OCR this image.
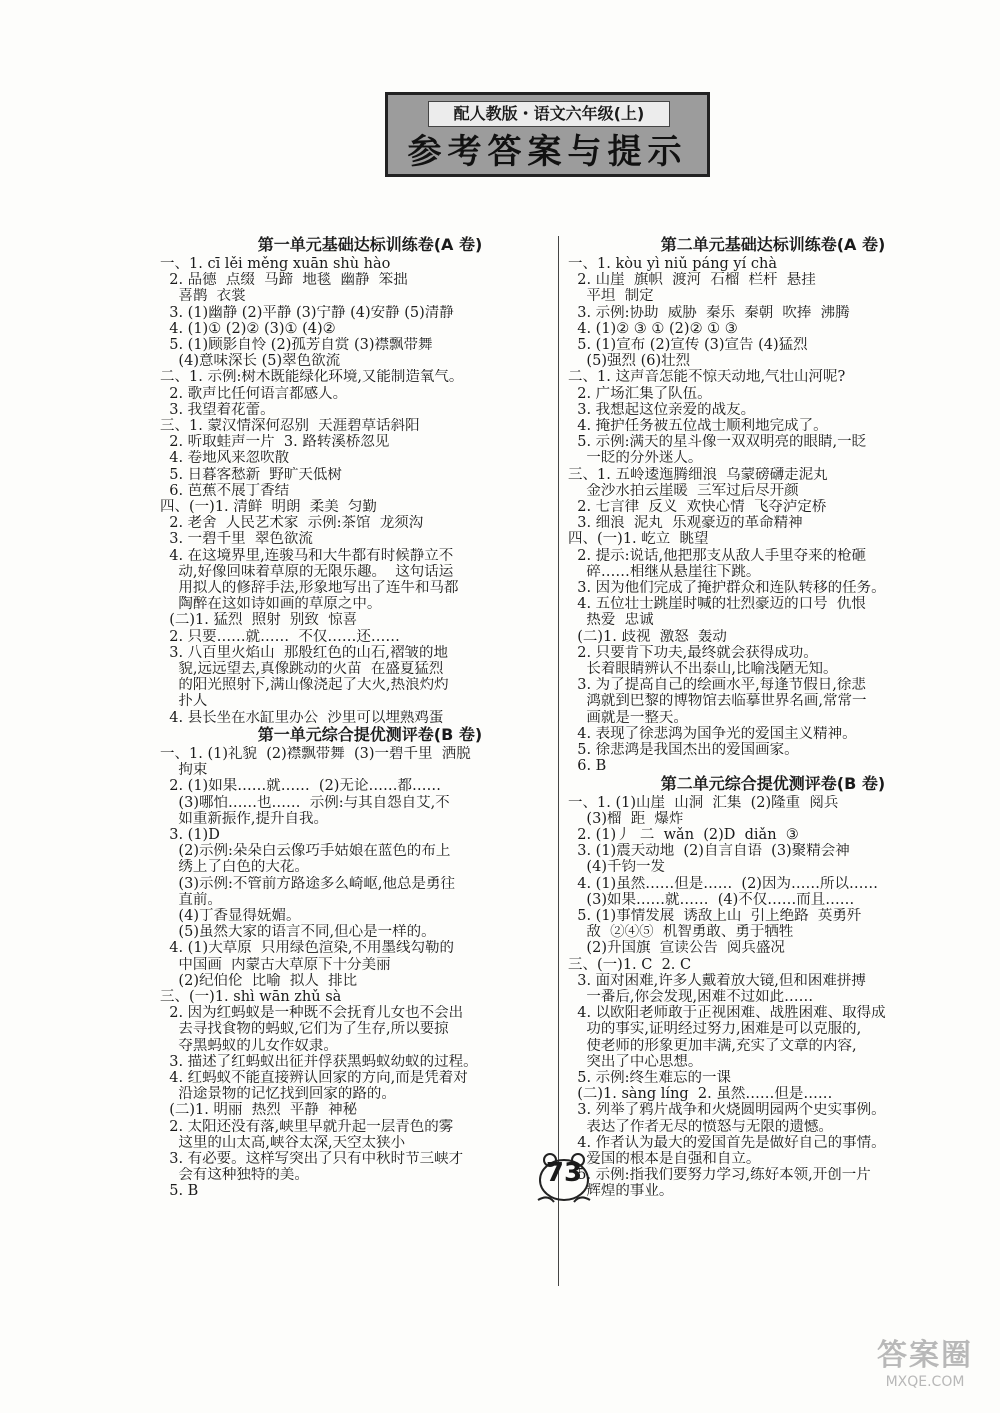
配人教版・语文六年级(上)
参考答案与提示
第一单元基础达标训练卷(A 卷)
一、1. cī lěi měng xuān shù hào
2. 品德  点缀  马蹄  地毯  幽静  笨拙
喜鹊  衣裳
3. (1)幽静 (2)平静 (3)宁静 (4)安静 (5)清静
4. (1)① (2)② (3)① (4)②
5. (1)顾影自怜 (2)孤芳自赏 (3)襟飘带舞
(4)意味深长 (5)翠色欲流
二、1. 示例:树木既能绿化环境,又能制造氧气。
2. 歌声比任何语言都感人。
3. 我望着花蕾。
三、1. 蒙汉情深何忍别  天涯碧草话斜阳
2. 听取蛙声一片  3. 路转溪桥忽见
4. 卷地风来忽吹散
5. 日暮客愁新  野旷天低树
6. 芭蕉不展丁香结
四、(一)1. 清鲜  明朗  柔美  匀勤
2. 老舍  人民艺术家  示例:茶馆  龙须沟
3. 一碧千里  翠色欲流
4. 在这境界里,连骏马和大牛都有时候静立不
动,好像回味着草原的无限乐趣。  这句话运
用拟人的修辞手法,形象地写出了连牛和马都
陶醉在这如诗如画的草原之中。
(二)1. 猛烈  照射  别致  惊喜
2. 只要……就……  不仅……还……
3. 八百里火焰山  那般红色的山石,褶皱的地
貌,远远望去,真像跳动的火苗  在盛夏猛烈
的阳光照射下,满山像浇起了大火,热浪灼灼
扑人
4. 县长坐在水缸里办公  沙里可以埋熟鸡蛋
第一单元综合提优测评卷(B 卷)
一、1. (1)礼貌  (2)襟飘带舞  (3)一碧千里  洒脱
拘束
2. (1)如果……就……  (2)无论……都……
(3)哪怕……也……  示例:与其自怨自艾,不
如重新振作,提升自我。
3. (1)D
(2)示例:朵朵白云像巧手姑娘在蓝色的布上
绣上了白色的大花。
(3)示例:不管前方路途多么崎岖,他总是勇往
直前。
(4)丁香显得妩媚。
(5)虽然大家的语言不同,但心是一样的。
4. (1)大草原  只用绿色渲染,不用墨线勾勒的
中国画  内蒙古大草原下十分美丽
(2)纪伯伦  比喻  拟人  排比
三、(一)1. shì wān zhǔ sà
2. 因为红蚂蚁是一种既不会抚育儿女也不会出
去寻找食物的蚂蚁,它们为了生存,所以要掠
夺黑蚂蚁的儿女作奴隶。
3. 描述了红蚂蚁出征并俘获黑蚂蚁幼蚁的过程。
4. 红蚂蚁不能直接辨认回家的方向,而是凭着对
沿途景物的记忆找到回家的路的。
(二)1. 明丽  热烈  平静  神秘
2. 太阳还没有落,峡里早就升起一层青色的雾
这里的山太高,峡谷太深,天空太狭小
3. 有必要。这样写突出了只有中秋时节三峡才
会有这种独特的美。
5. B
第二单元基础达标训练卷(A 卷)
一、1. kòu yì niǔ páng yí chà
2. 山崖  旗帜  渡河  石榴  栏杆  悬挂
平坦  制定
3. 示例:协助  威胁  秦乐  秦朝  吹捧  沸腾
4. (1)② ③ ① (2)② ① ③
5. (1)宣布 (2)宣传 (3)宣告 (4)猛烈
(5)强烈 (6)壮烈
二、1. 这声音怎能不惊天动地,气壮山河呢?
2. 广场汇集了队伍。
3. 我想起这位亲爱的战友。
4. 掩护任务被五位战士顺利地完成了。
5. 示例:满天的星斗像一双双明亮的眼睛,一眨
一眨的分外迷人。
三、1. 五岭逶迤腾细浪  乌蒙磅礴走泥丸
金沙水拍云崖暖  三军过后尽开颜
2. 七言律  反义  欢快心情  飞夺泸定桥
3. 细浪  泥丸  乐观豪迈的革命精神
四、(一)1. 屹立  眺望
2. 提示:说话,他把那支从敌人手里夺来的枪砸
碎……相继从悬崖往下跳。
3. 因为他们完成了掩护群众和连队转移的任务。
4. 五位壮士跳崖时喊的壮烈豪迈的口号  仇恨
热爱  忠诚
(二)1. 歧视  激怒  轰动
2. 只要肯下功夫,最终就会获得成功。
长着眼睛辨认不出泰山,比喻浅陋无知。
3. 为了提高自己的绘画水平,每逢节假日,徐悲
鸿就到巴黎的博物馆去临摹世界名画,常常一
画就是一整天。
4. 表现了徐悲鸿为国争光的爱国主义精神。
5. 徐悲鸿是我国杰出的爱国画家。
6. B
第二单元综合提优测评卷(B 卷)
一、1. (1)山崖  山洞  汇集  (2)隆重  阅兵
(3)榴  距  爆炸
2. (1)丿  二  wǎn  (2)D  diǎn  ③
3. (1)震天动地  (2)自言自语  (3)聚精会神
(4)千钧一发
4. (1)虽然……但是……  (2)因为……所以……
(3)如果……就……  (4)不仅……而且……
5. (1)事情发展  诱敌上山  引上绝路  英勇歼
敌  ②④⑤  机智勇敢、勇于牺牲
(2)升国旗  宣读公告  阅兵盛况
三、(一)1. C  2. C
3. 面对困难,许多人戴着放大镜,但和困难拼搏
一番后,你会发现,困难不过如此……
4. 以欧阳老师敢于正视困难、战胜困难、取得成
功的事实,证明经过努力,困难是可以克服的,
使老师的形象更加丰满,充实了文章的内容,
突出了中心思想。
5. 示例:终生难忘的一课
(二)1. sàng líng  2. 虽然……但是……
3. 列举了鸦片战争和火烧圆明园两个史实事例。
表达了作者无尽的愤怒与无限的遗憾。
4. 作者认为最大的爱国首先是做好自己的事情。
爱国的根本是自强和自立。
5. 示例:指我们要努力学习,练好本领,开创一片
辉煌的事业。
73
答案圈
MXQE.COM
